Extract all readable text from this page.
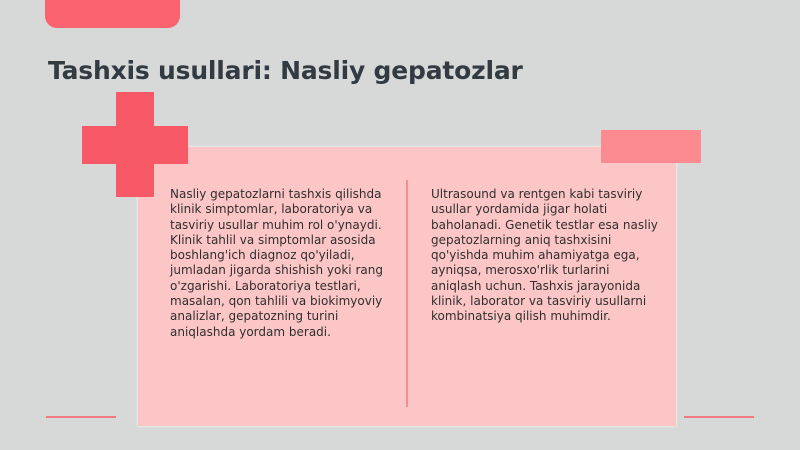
Tashxis usullari: Nasliy gepatozlar

Nasliy gepatozlarni tashxis qilishda klinik simptomlar, laboratoriya va tasviriy usullar muhim rol o'ynaydi. Klinik tahlil va simptomlar asosida boshlang'ich diagnoz qo'yiladi, jumladan jigarda shishish yoki rang o'zgarishi. Laboratoriya testlari, masalan, qon tahlili va biokimyoviy analizlar, gepatozning turini aniqlashda yordam beradi.

Ultrasound va rentgen kabi tasviriy usullar yordamida jigar holati baholanadi. Genetik testlar esa nasliy gepatozlarning aniq tashxisini qo'yishda muhim ahamiyatga ega, ayniqsa, merosxo'rlik turlarini aniqlash uchun. Tashxis jarayonida klinik, laborator va tasviriy usullarni kombinatsiya qilish muhimdir.
